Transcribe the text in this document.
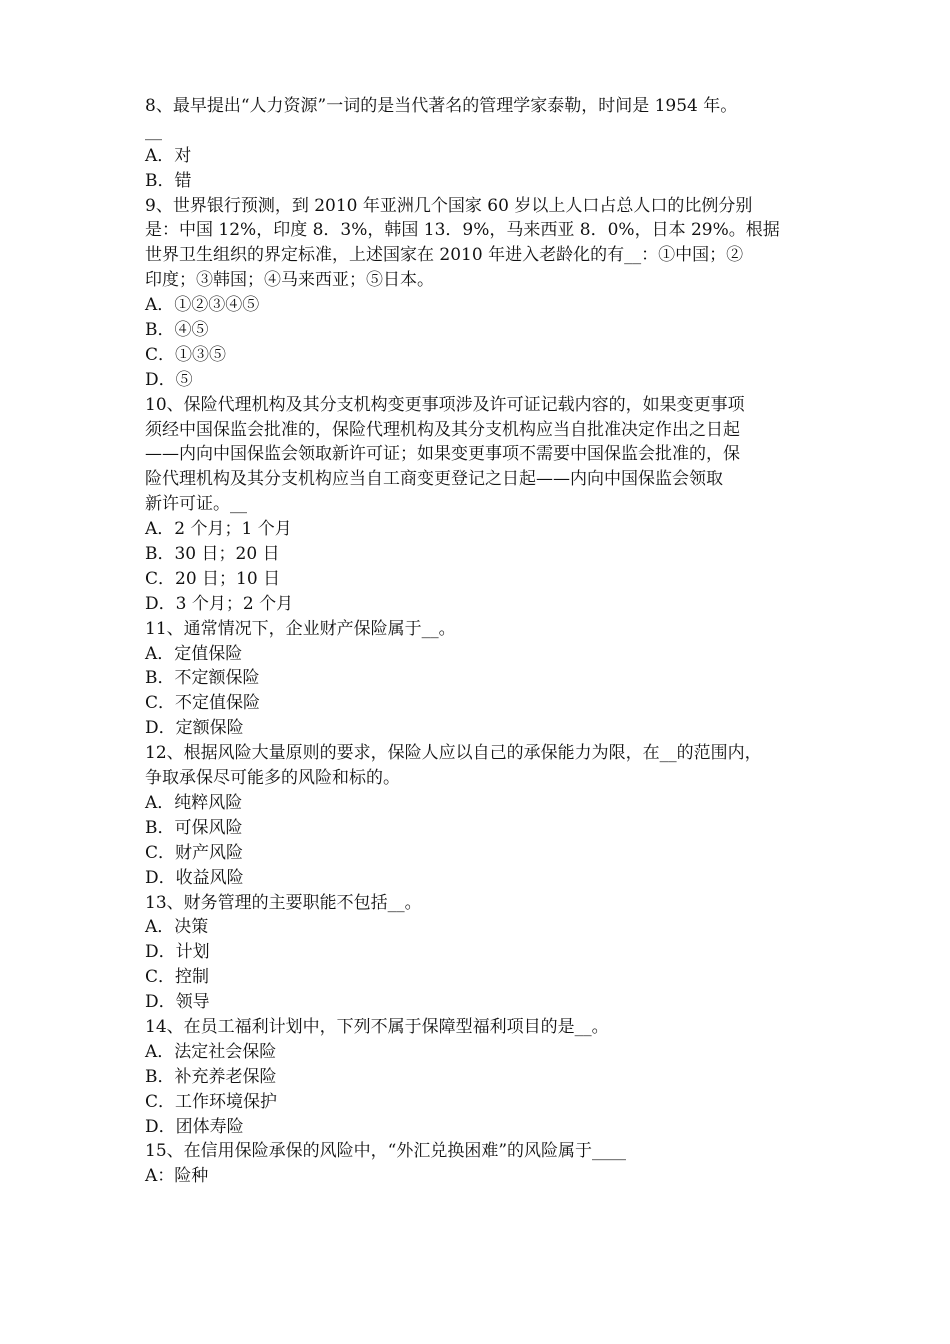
8、最早提出“人力资源”一词的是当代著名的管理学家泰勒，时间是 1954 年。
__
A．对
B．错
9、世界银行预测，到 2010 年亚洲几个国家 60 岁以上人口占总人口的比例分别
是：中国 12%，印度 8．3%，韩国 13．9%，马来西亚 8．0%，日本 29%。根据
世界卫生组织的界定标准，上述国家在 2010 年进入老龄化的有__：①中国；②
印度；③韩国；④马来西亚；⑤日本。
A．①②③④⑤
B．④⑤
C．①③⑤
D．⑤
10、保险代理机构及其分支机构变更事项涉及许可证记载内容的，如果变更事项
须经中国保监会批准的，保险代理机构及其分支机构应当自批准决定作出之日起
——内向中国保监会领取新许可证；如果变更事项不需要中国保监会批准的，保
险代理机构及其分支机构应当自工商变更登记之日起——内向中国保监会领取
新许可证。__
A．2 个月；1 个月
B．30 日；20 日
C．20 日；10 日
D．3 个月；2 个月
11、通常情况下，企业财产保险属于__。
A．定值保险
B．不定额保险
C．不定值保险
D．定额保险
12、根据风险大量原则的要求，保险人应以自己的承保能力为限，在__的范围内，
争取承保尽可能多的风险和标的。
A．纯粹风险
B．可保风险
C．财产风险
D．收益风险
13、财务管理的主要职能不包括__。
A．决策
D．计划
C．控制
D．领导
14、在员工福利计划中，下列不属于保障型福利项目的是__。
A．法定社会保险
B．补充养老保险
C．工作环境保护
D．团体寿险
15、在信用保险承保的风险中，“外汇兑换困难”的风险属于____
A：险种
